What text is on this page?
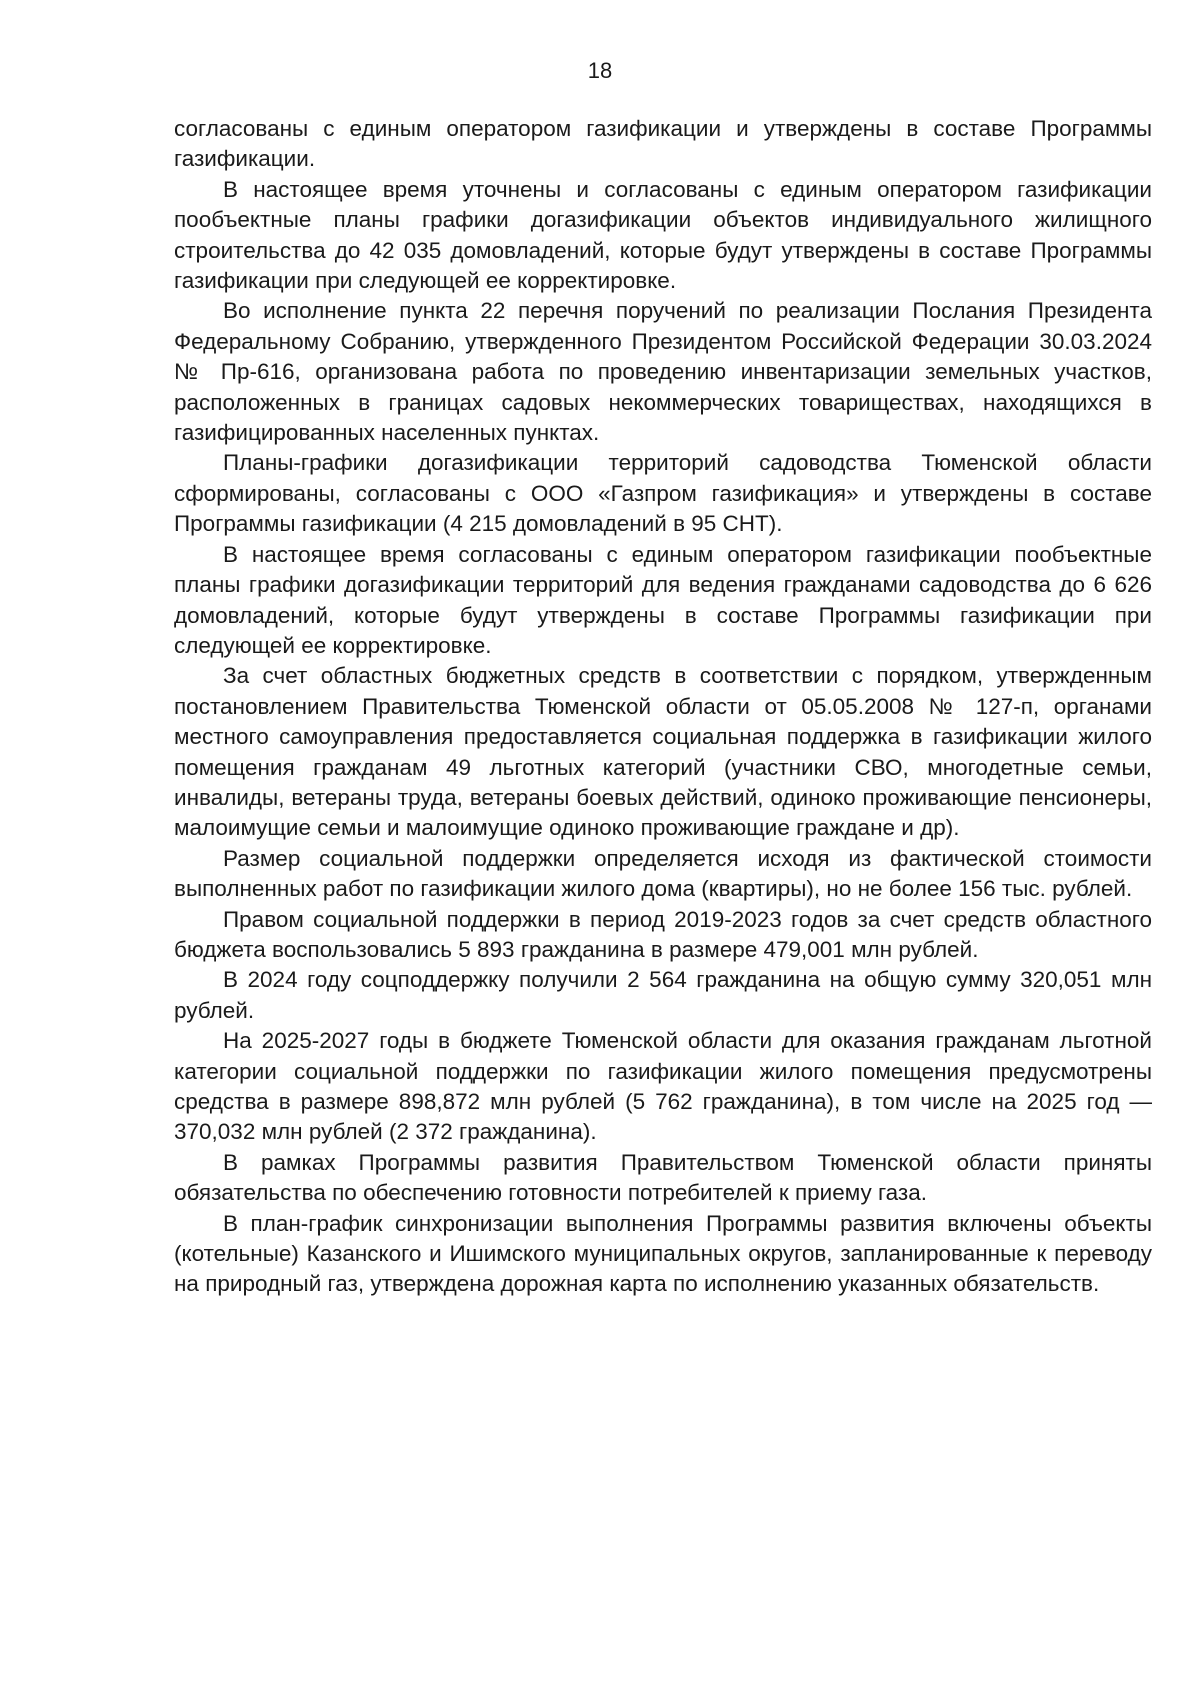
18

согласованы с единым оператором газификации и утверждены в составе Программы газификации.

В настоящее время уточнены и согласованы с единым оператором газификации пообъектные планы графики догазификации объектов индивидуального жилищного строительства до 42 035 домовладений, которые будут утверждены в составе Программы газификации при следующей ее корректировке.

Во исполнение пункта 22 перечня поручений по реализации Послания Президента Федеральному Собранию, утвержденного Президентом Российской Федерации 30.03.2024 № Пр-616, организована работа по проведению инвентаризации земельных участков, расположенных в границах садовых некоммерческих товариществах, находящихся в газифицированных населенных пунктах.

Планы-графики догазификации территорий садоводства Тюменской области сформированы, согласованы с ООО «Газпром газификация» и утверждены в составе Программы газификации (4 215 домовладений в 95 СНТ).

В настоящее время согласованы с единым оператором газификации пообъектные планы графики догазификации территорий для ведения гражданами садоводства до 6 626 домовладений, которые будут утверждены в составе Программы газификации при следующей ее корректировке.

За счет областных бюджетных средств в соответствии с порядком, утвержденным постановлением Правительства Тюменской области от 05.05.2008 № 127-п, органами местного самоуправления предоставляется социальная поддержка в газификации жилого помещения гражданам 49 льготных категорий (участники СВО, многодетные семьи, инвалиды, ветераны труда, ветераны боевых действий, одиноко проживающие пенсионеры, малоимущие семьи и малоимущие одиноко проживающие граждане и др).

Размер социальной поддержки определяется исходя из фактической стоимости выполненных работ по газификации жилого дома (квартиры), но не более 156 тыс. рублей.

Правом социальной поддержки в период 2019-2023 годов за счет средств областного бюджета воспользовались 5 893 гражданина в размере 479,001 млн рублей.

В 2024 году соцподдержку получили 2 564 гражданина на общую сумму 320,051 млн рублей.

На 2025-2027 годы в бюджете Тюменской области для оказания гражданам льготной категории социальной поддержки по газификации жилого помещения предусмотрены средства в размере 898,872 млн рублей (5 762 гражданина), в том числе на 2025 год — 370,032 млн рублей (2 372 гражданина).

В рамках Программы развития Правительством Тюменской области приняты обязательства по обеспечению готовности потребителей к приему газа.

В план-график синхронизации выполнения Программы развития включены объекты (котельные) Казанского и Ишимского муниципальных округов, запланированные к переводу на природный газ, утверждена дорожная карта по исполнению указанных обязательств.
